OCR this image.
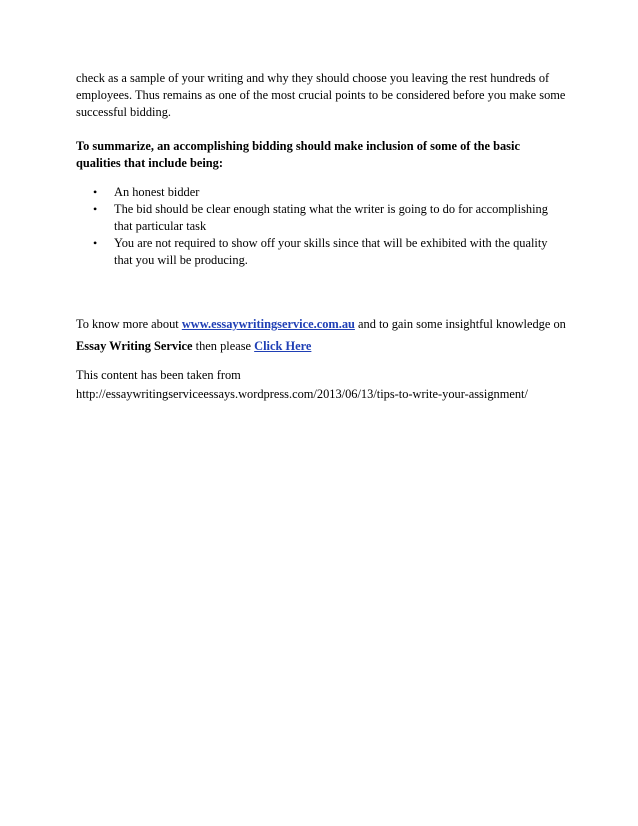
check as a sample of your writing and why they should choose you leaving the rest hundreds of employees. Thus remains as one of the most crucial points to be considered before you make some successful bidding.

To summarize, an accomplishing bidding should make inclusion of some of the basic qualities that include being:

• An honest bidder
• The bid should be clear enough stating what the writer is going to do for accomplishing that particular task
• You are not required to show off your skills since that will be exhibited with the quality that you will be producing.

To know more about www.essaywritingservice.com.au and to gain some insightful knowledge on Essay Writing Service then please Click Here

This content has been taken from
http://essaywritingserviceessays.wordpress.com/2013/06/13/tips-to-write-your-assignment/
